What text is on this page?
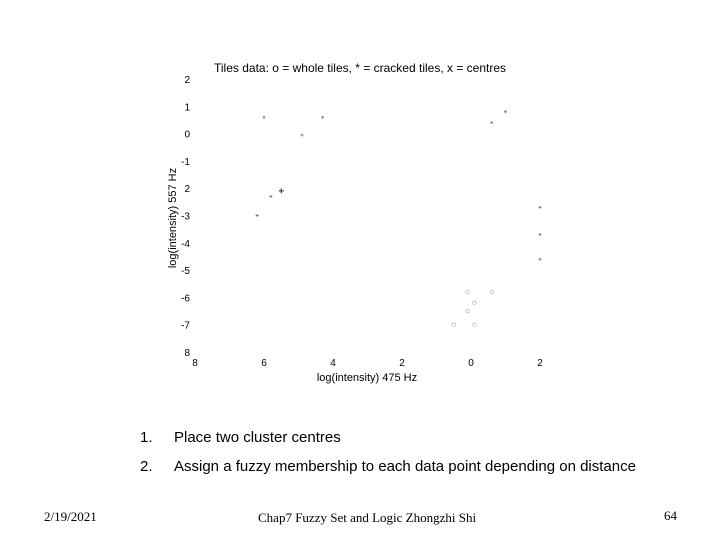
Tiles data: o = whole tiles, * = cracked tiles, x = centres
log(intensity) 557 Hz
log(intensity) 475 Hz
2
1
0
-1
2
-3
-4
-5
-6
-7
8
8	6	4	2	0	2
1.	Place two cluster centres
2.	Assign a fuzzy membership to each data point depending on distance
2/19/2021	Chap7 Fuzzy Set and Logic Zhongzhi Shi	64
